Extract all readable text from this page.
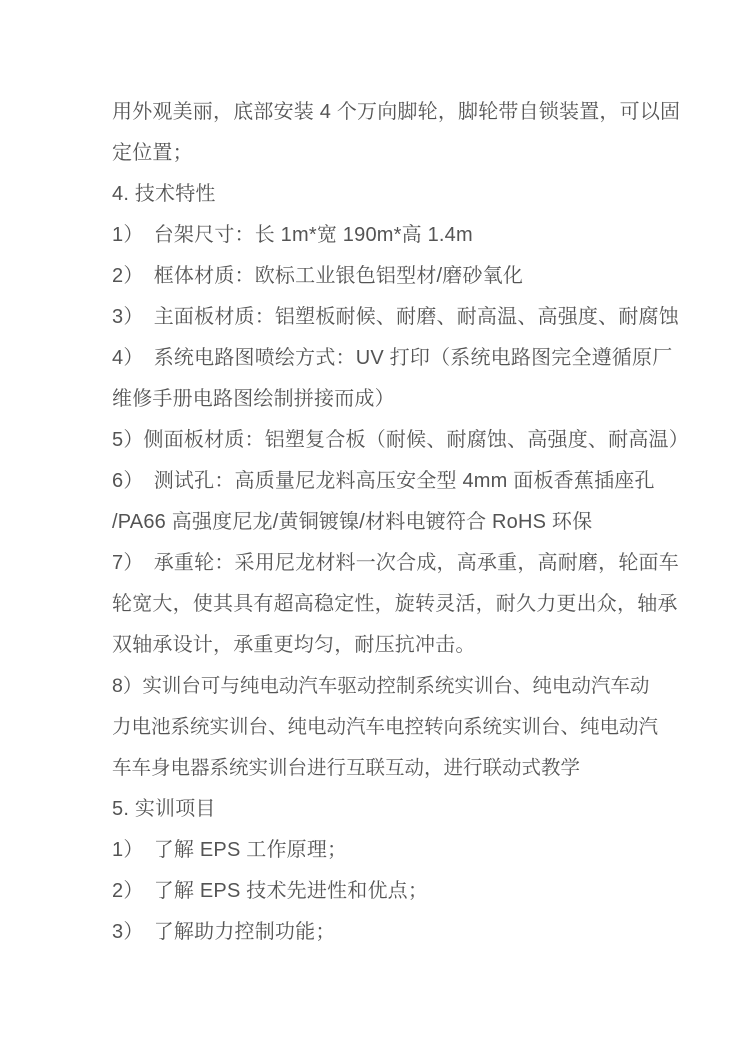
用外观美丽，底部安装 4 个万向脚轮，脚轮带自锁装置，可以固
定位置；
4. 技术特性
1）　台架尺寸：长 1m*宽 190m*高 1.4m
2）　框体材质：欧标工业银色铝型材/磨砂氧化
3）　主面板材质：铝塑板耐候、耐磨、耐高温、高强度、耐腐蚀
4）　系统电路图喷绘方式：UV 打印（系统电路图完全遵循原厂
维修手册电路图绘制拼接而成）
5）侧面板材质：铝塑复合板（耐候、耐腐蚀、高强度、耐高温）
6）　测试孔：高质量尼龙料高压安全型 4mm 面板香蕉插座孔
/PA66 高强度尼龙/黄铜镀镍/材料电镀符合 RoHS 环保
7）　承重轮：采用尼龙材料一次合成，高承重，高耐磨，轮面车
轮宽大，使其具有超高稳定性，旋转灵活，耐久力更出众，轴承
双轴承设计，承重更均匀，耐压抗冲击。
8）实训台可与纯电动汽车驱动控制系统实训台、纯电动汽车动
力电池系统实训台、纯电动汽车电控转向系统实训台、纯电动汽
车车身电器系统实训台进行互联互动，进行联动式教学
5. 实训项目
1）　了解 EPS 工作原理；
2）　了解 EPS 技术先进性和优点；
3）　了解助力控制功能；
